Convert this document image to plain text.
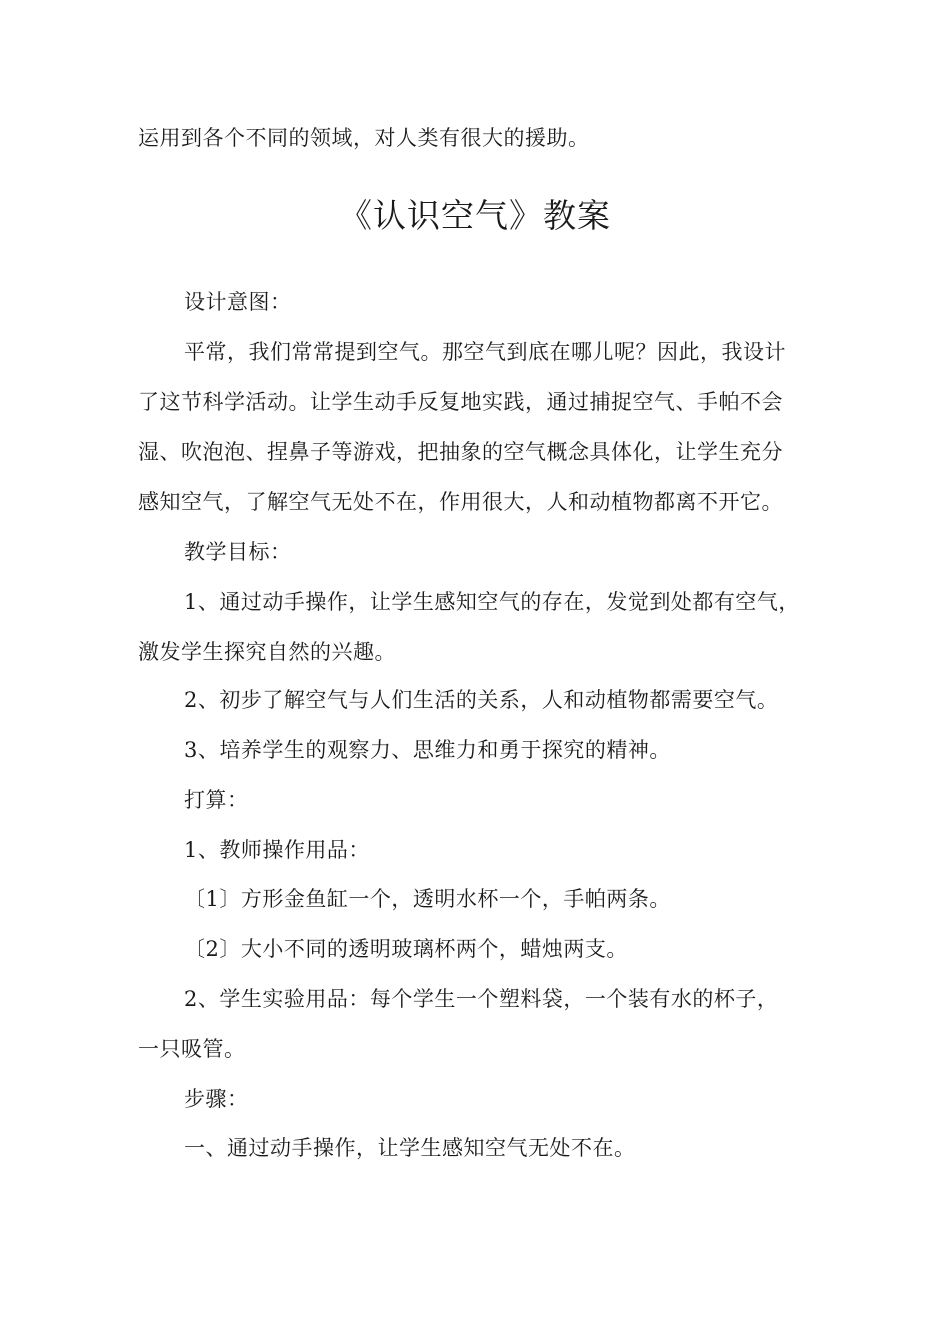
运用到各个不同的领域，对人类有很大的援助。
《认识空气》教案
设计意图：
平常，我们常常提到空气。那空气到底在哪儿呢？因此，我设计
了这节科学活动。让学生动手反复地实践，通过捕捉空气、手帕不会
湿、吹泡泡、捏鼻子等游戏，把抽象的空气概念具体化，让学生充分
感知空气，了解空气无处不在，作用很大，人和动植物都离不开它。
教学目标：
1、通过动手操作，让学生感知空气的存在，发觉到处都有空气，
激发学生探究自然的兴趣。
2、初步了解空气与人们生活的关系，人和动植物都需要空气。
3、培养学生的观察力、思维力和勇于探究的精神。
打算：
1、教师操作用品：
〔1〕方形金鱼缸一个，透明水杯一个，手帕两条。
〔2〕大小不同的透明玻璃杯两个，蜡烛两支。
2、学生实验用品：每个学生一个塑料袋，一个装有水的杯子，
一只吸管。
步骤：
一、通过动手操作，让学生感知空气无处不在。
